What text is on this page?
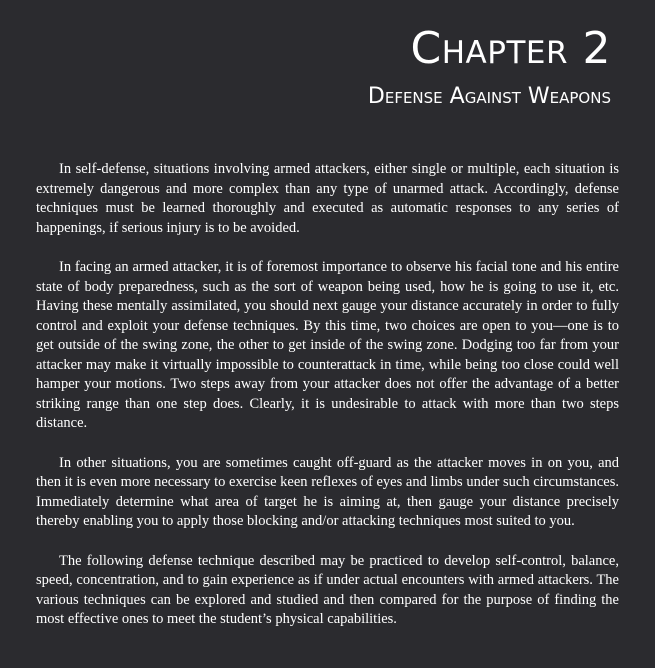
Chapter 2
Defense Against Weapons

In self-defense, situations involving armed attackers, either single or multiple, each situation is extremely dangerous and more complex than any type of unarmed attack. Accordingly, defense techniques must be learned thoroughly and executed as automatic responses to any series of happenings, if serious injury is to be avoided.

In facing an armed attacker, it is of foremost importance to observe his facial tone and his entire state of body preparedness, such as the sort of weapon being used, how he is going to use it, etc. Having these mentally assimilated, you should next gauge your distance accurately in order to fully control and exploit your defense techniques. By this time, two choices are open to you—one is to get outside of the swing zone, the other to get inside of the swing zone. Dodging too far from your attacker may make it virtually impossible to counterattack in time, while being too close could well hamper your motions. Two steps away from your attacker does not offer the advantage of a better striking range than one step does. Clearly, it is undesirable to attack with more than two steps distance.

In other situations, you are sometimes caught off-guard as the attacker moves in on you, and then it is even more necessary to exercise keen reflexes of eyes and limbs under such circumstances. Immediately determine what area of target he is aiming at, then gauge your distance precisely thereby enabling you to apply those blocking and/or attacking techniques most suited to you.

The following defense technique described may be practiced to develop self-control, balance, speed, concentration, and to gain experience as if under actual encounters with armed attackers. The various techniques can be explored and studied and then compared for the purpose of finding the most effective ones to meet the student’s physical capabilities.
